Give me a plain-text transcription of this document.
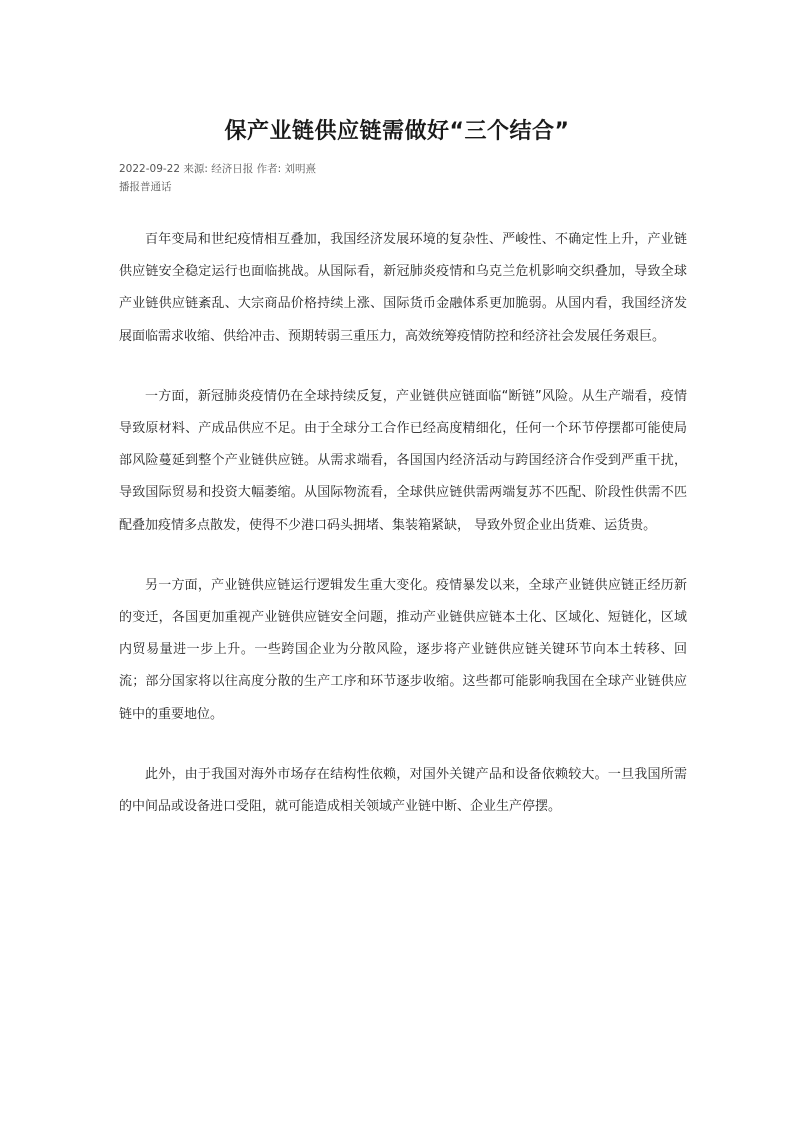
保产业链供应链需做好“三个结合”
2022-09-22 来源: 经济日报 作者: 刘明熹
播报普通话

百年变局和世纪疫情相互叠加，我国经济发展环境的复杂性、严峻性、不确定性上升，产业链供应链安全稳定运行也面临挑战。从国际看，新冠肺炎疫情和乌克兰危机影响交织叠加，导致全球产业链供应链紊乱、大宗商品价格持续上涨、国际货币金融体系更加脆弱。从国内看，我国经济发展面临需求收缩、供给冲击、预期转弱三重压力，高效统筹疫情防控和经济社会发展任务艰巨。

一方面，新冠肺炎疫情仍在全球持续反复，产业链供应链面临“断链”风险。从生产端看，疫情导致原材料、产成品供应不足。由于全球分工合作已经高度精细化，任何一个环节停摆都可能使局部风险蔓延到整个产业链供应链。从需求端看，各国国内经济活动与跨国经济合作受到严重干扰，导致国际贸易和投资大幅萎缩。从国际物流看，全球供应链供需两端复苏不匹配、阶段性供需不匹配叠加疫情多点散发，使得不少港口码头拥堵、集装箱紧缺， 导致外贸企业出货难、运货贵。

另一方面，产业链供应链运行逻辑发生重大变化。疫情暴发以来，全球产业链供应链正经历新的变迁，各国更加重视产业链供应链安全问题，推动产业链供应链本土化、区域化、短链化，区域内贸易量进一步上升。一些跨国企业为分散风险，逐步将产业链供应链关键环节向本土转移、回流；部分国家将以往高度分散的生产工序和环节逐步收缩。这些都可能影响我国在全球产业链供应链中的重要地位。

此外，由于我国对海外市场存在结构性依赖，对国外关键产品和设备依赖较大。一旦我国所需的中间品或设备进口受阻，就可能造成相关领域产业链中断、企业生产停摆。
